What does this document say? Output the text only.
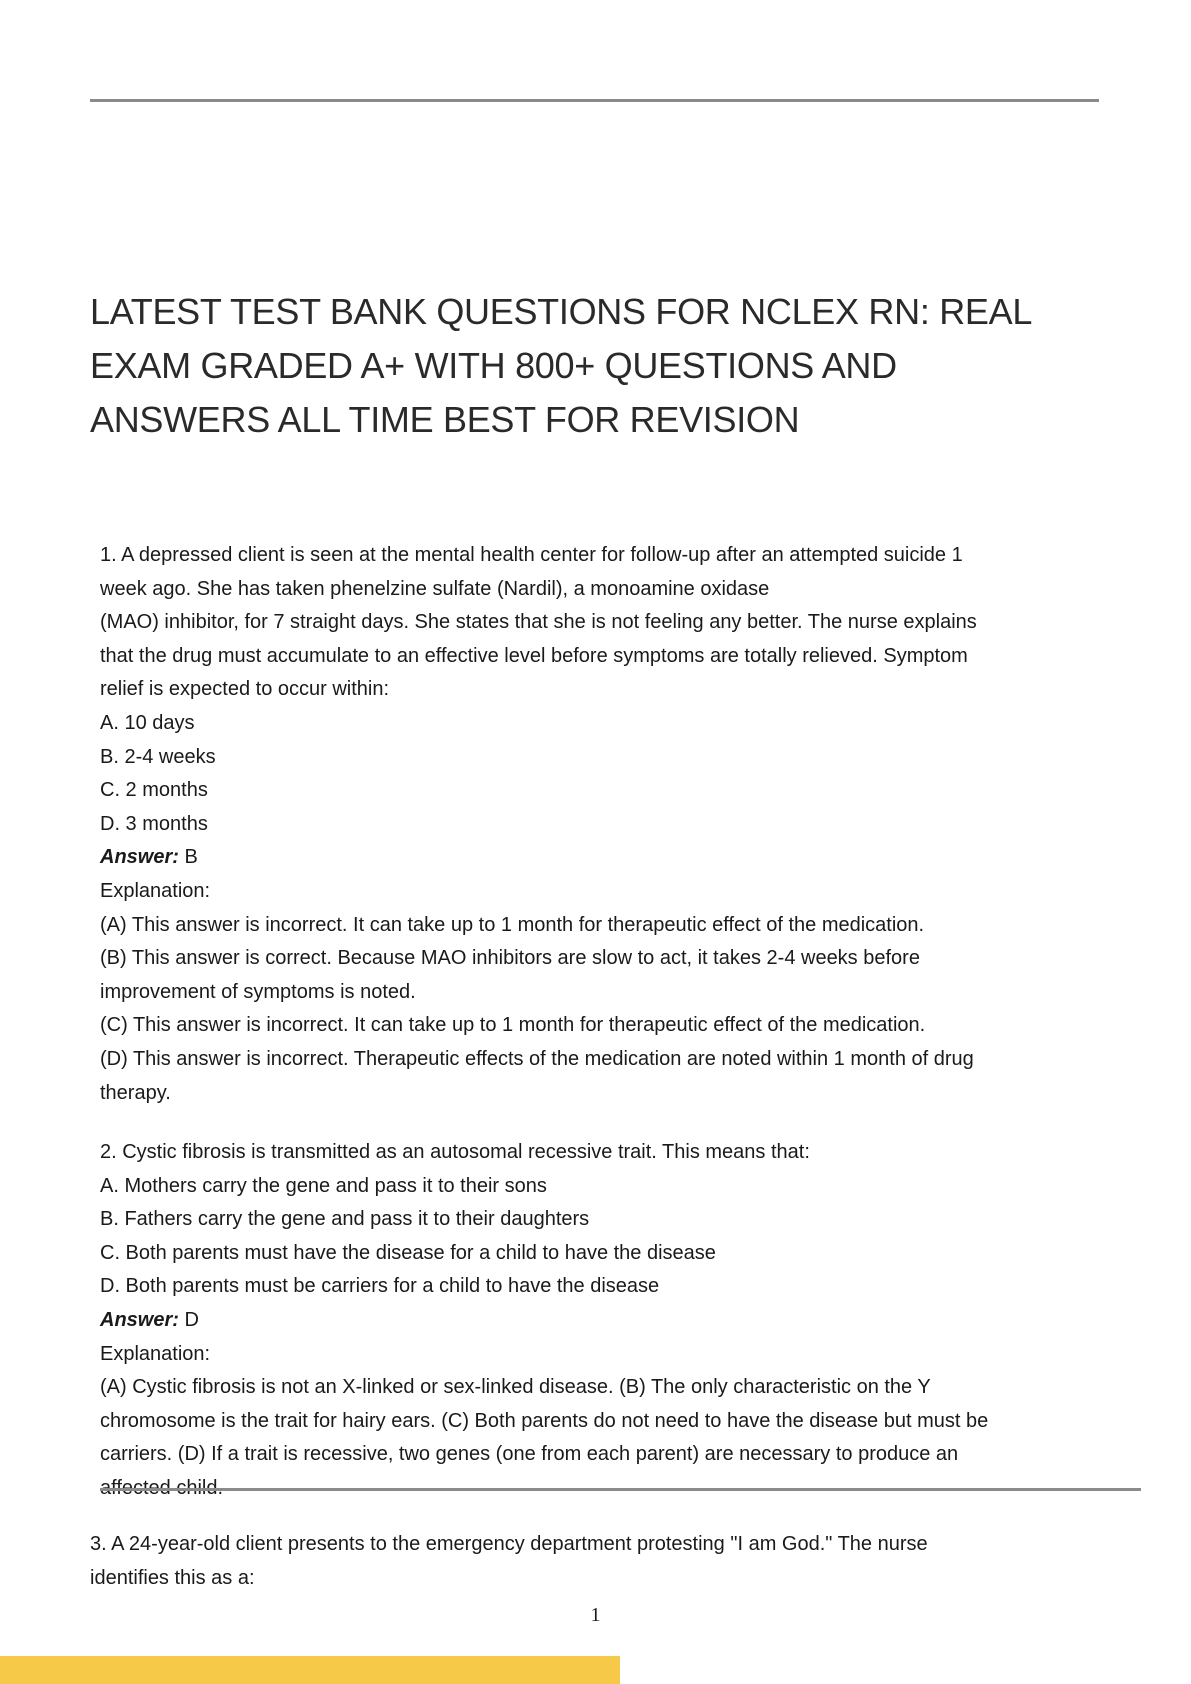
LATEST TEST BANK QUESTIONS FOR NCLEX RN: REAL
EXAM GRADED A+ WITH 800+ QUESTIONS AND
ANSWERS ALL TIME BEST FOR REVISION

1. A depressed client is seen at the mental health center for follow-up after an attempted suicide 1

week ago. She has taken phenelzine sulfate (Nardil), a monoamine oxidase

(MAO) inhibitor, for 7 straight days. She states that she is not feeling any better. The nurse explains

that the drug must accumulate to an effective level before symptoms are totally relieved. Symptom

relief is expected to occur within:

A. 10 days

B. 2-4 weeks

C. 2 months

D. 3 months

Answer: B

Explanation:

(A) This answer is incorrect. It can take up to 1 month for therapeutic effect of the medication.

(B) This answer is correct. Because MAO inhibitors are slow to act, it takes 2-4 weeks before

improvement of symptoms is noted.

(C) This answer is incorrect. It can take up to 1 month for therapeutic effect of the medication.

(D) This answer is incorrect. Therapeutic effects of the medication are noted within 1 month of drug

therapy.

2. Cystic fibrosis is transmitted as an autosomal recessive trait. This means that:

A. Mothers carry the gene and pass it to their sons

B. Fathers carry the gene and pass it to their daughters

C. Both parents must have the disease for a child to have the disease

D. Both parents must be carriers for a child to have the disease

Answer: D

Explanation:

(A) Cystic fibrosis is not an X-linked or sex-linked disease. (B) The only characteristic on the Y

chromosome is the trait for hairy ears. (C) Both parents do not need to have the disease but must be

carriers. (D) If a trait is recessive, two genes (one from each parent) are necessary to produce an

affected child.

3. A 24-year-old client presents to the emergency department protesting "I am God." The nurse

identifies this as a:

1
